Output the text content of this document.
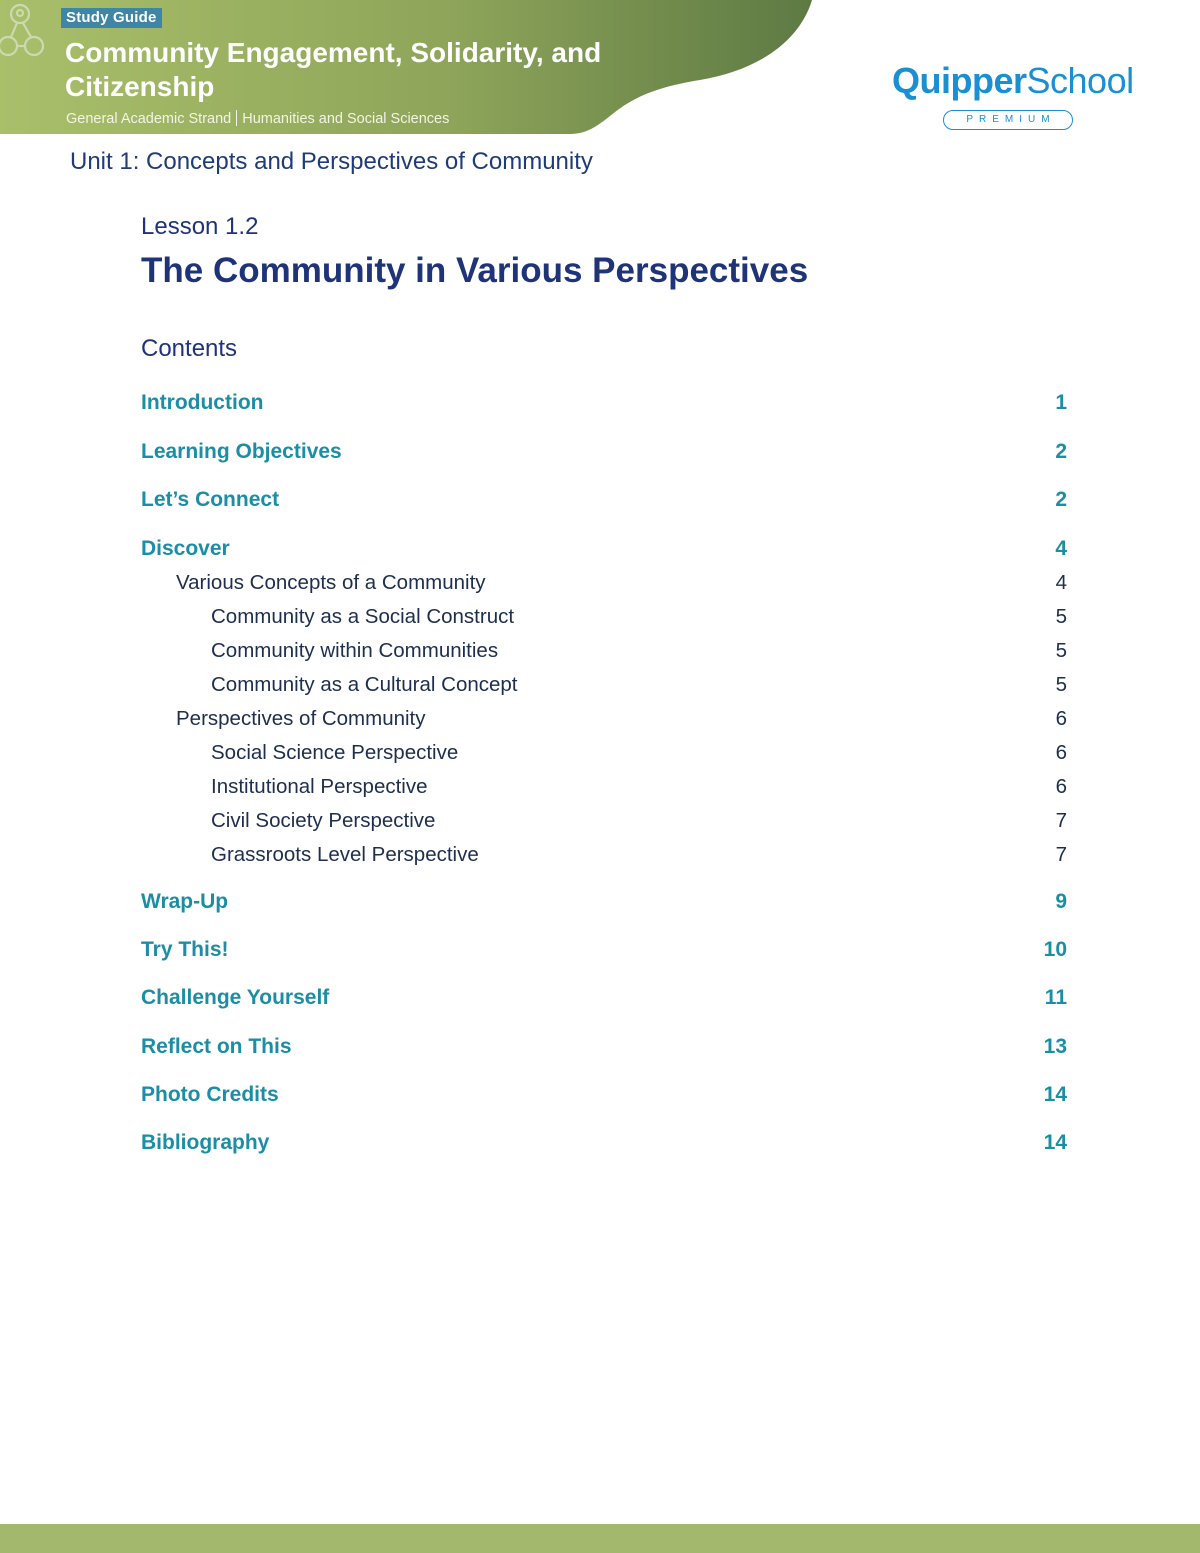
Study Guide
Community Engagement, Solidarity, and Citizenship
General Academic Strand Humanities and Social Sciences
QuipperSchool
PREMIUM
Unit 1: Concepts and Perspectives of Community
Lesson 1.2
The Community in Various Perspectives
Contents
Introduction	1
Learning Objectives	2
Let’s Connect	2
Discover	4
Various Concepts of a Community	4
Community as a Social Construct	5
Community within Communities	5
Community as a Cultural Concept	5
Perspectives of Community	6
Social Science Perspective	6
Institutional Perspective	6
Civil Society Perspective	7
Grassroots Level Perspective	7
Wrap-Up	9
Try This!	10
Challenge Yourself	11
Reflect on This	13
Photo Credits	14
Bibliography	14
